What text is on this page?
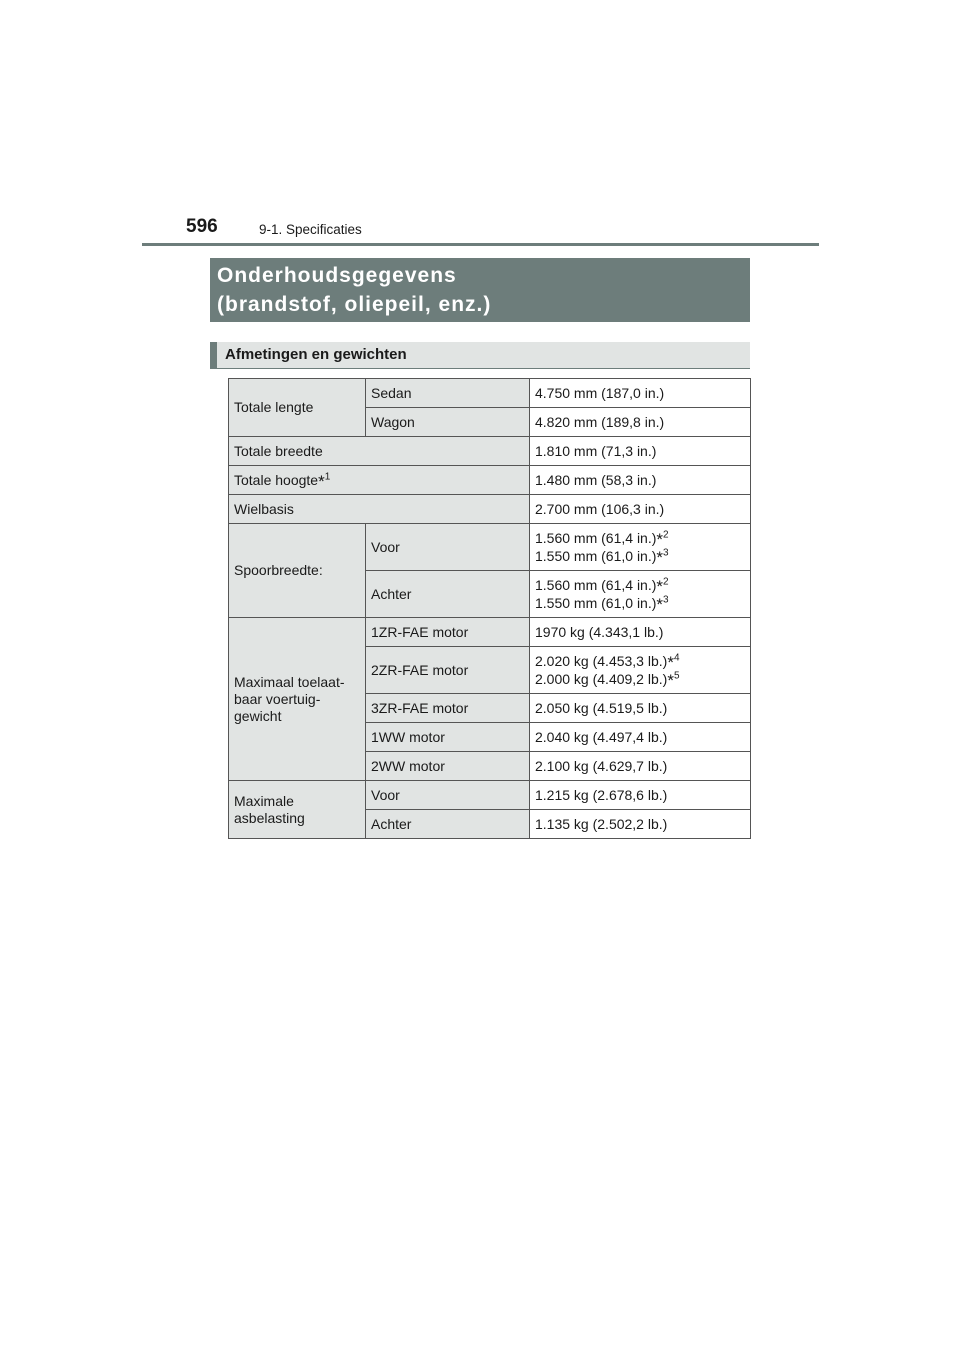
596	9-1. Specificaties
Onderhoudsgegevens
(brandstof, oliepeil, enz.)
Afmetingen en gewichten
Totale lengte	Sedan	4.750 mm (187,0 in.)
	Wagon	4.820 mm (189,8 in.)
Totale breedte		1.810 mm (71,3 in.)
Totale hoogte*$^1$		1.480 mm (58,3 in.)
Wielbasis		2.700 mm (106,3 in.)
Spoorbreedte:	Voor	1.560 mm (61,4 in.)*$^2$
1.550 mm (61,0 in.)*$^3$

	Achter	1.560 mm (61,4 in.)*$^2$
1.550 mm (61,0 in.)*$^3$

Maximaal toelaat-
baar voertuig-
gewicht	1ZR-FAE motor	1970 kg (4.343,1 lb.)
	2ZR-FAE motor	2.020 kg (4.453,3 lb.)*$^4$
2.000 kg (4.409,2 lb.)*$^5$

	3ZR-FAE motor	2.050 kg (4.519,5 lb.)
	1WW motor	2.040 kg (4.497,4 lb.)
	2WW motor	2.100 kg (4.629,7 lb.)

Maximale
asbelasting	Voor	1.215 kg (2.678,6 lb.)
	Achter	1.135 kg (2.502,2 lb.)
